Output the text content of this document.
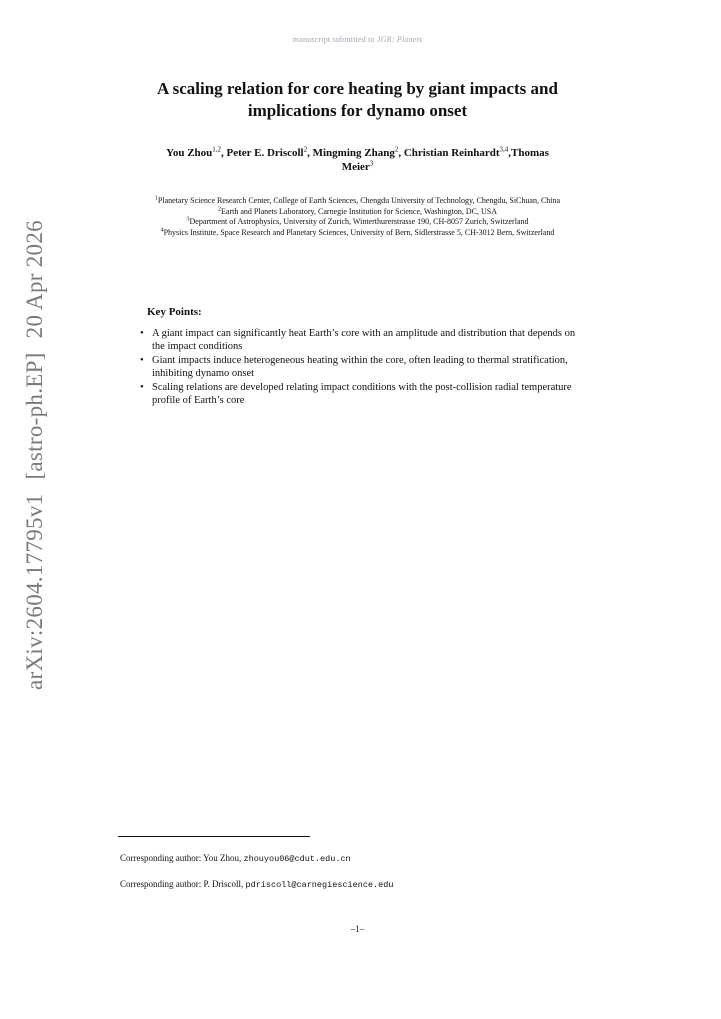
manuscript submitted to JGR: Planets
A scaling relation for core heating by giant impacts and
implications for dynamo onset
You Zhou$^{1,2}$, Peter E. Driscoll$^2$, Mingming Zhang$^2$, Christian Reinhardt$^{3,4}$,Thomas Meier$^3$
$^1$Planetary Science Research Center, College of Earth Sciences, Chengdu University of Technology, Chengdu, SiChuan, China
$^2$Earth and Planets Laboratory, Carnegie Institution for Science, Washington, DC, USA
$^3$Department of Astrophysics, University of Zurich, Winterthurerstrasse 190, CH-8057 Zurich, Switzerland
$^4$Physics Institute, Space Research and Planetary Sciences, University of Bern, Sidlerstrasse 5, CH-3012 Bern, Switzerland
arXiv:2604.17795v1[astro-ph.EP]20 Apr 2026	Key Points:
• A giant impact can significantly heat Earth’s core with an amplitude and distribution that depends on the impact conditions
• Giant impacts induce heterogeneous heating within the core, often leading to thermal stratification, inhibiting dynamo onset
• Scaling relations are developed relating impact conditions with the post-collision radial temperature profile of Earth’s core
Corresponding author: You Zhou, zhouyou06@cdut.edu.cn
Corresponding author: P. Driscoll, pdriscoll@carnegiescience.edu
–1–
